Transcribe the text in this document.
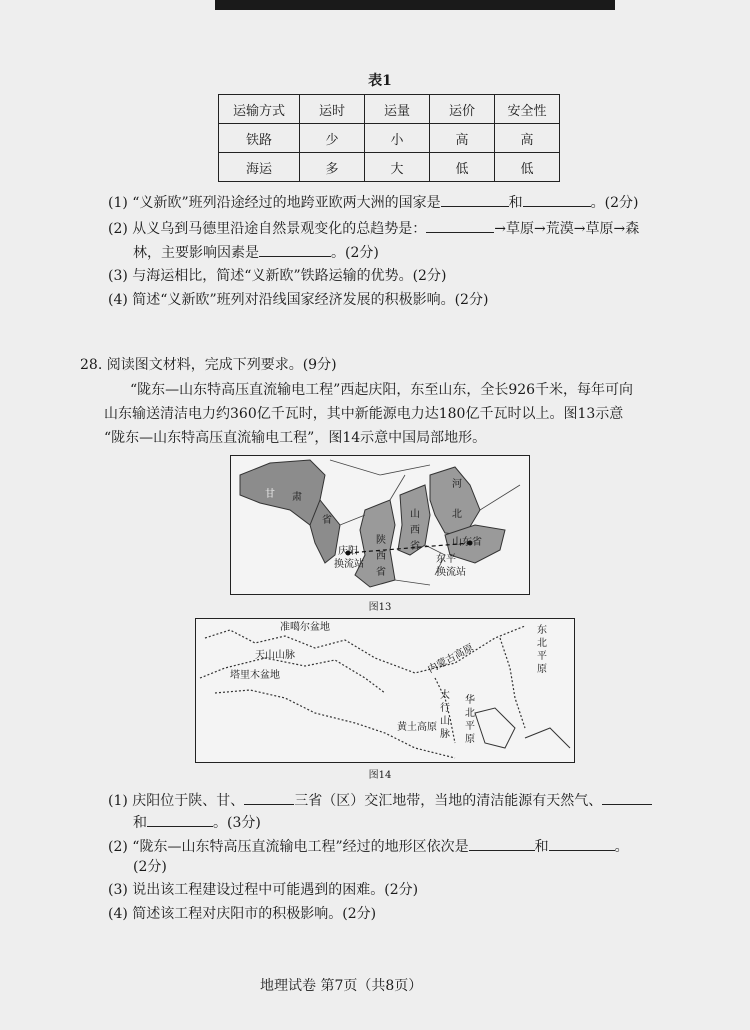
表1
运输方式	运时	运量	运价	安全性
铁路	少	小	高	高
海运	多	大	低	低
(1) “义新欧”班列沿途经过的地跨亚欧两大洲的国家是	和	。(2分)
(2) 从义乌到马德里沿途自然景观变化的总趋势是：	→草原→荒漠→草原→森
林，主要影响因素是	。(2分)
(3) 与海运相比，简述“义新欧”铁路运输的优势。(2分)
(4) 简述“义新欧”班列对沿线国家经济发展的积极影响。(2分)
28. 阅读图文材料，完成下列要求。(9分)
“陇东—山东特高压直流输电工程”西起庆阳，东至山东，全长926千米，每年可向
山东输送清洁电力约360亿千瓦时，其中新能源电力达180亿千瓦时以上。图13示意
“陇东—山东特高压直流输电工程”，图14示意中国局部地形。
甘 肃
省
陕
西
省
山
西
省
河
北
山东省
庆阳
换流站	东平
换流站
图13
准噶尔盆地
天山山脉
塔里木盆地	内蒙古高原
黄土高原
太
行
山
脉
华
北
平
原
东
北
平
原
图14
(1) 庆阳位于陕、甘、	三省（区）交汇地带，当地的清洁能源有天然气、
和	。(3分)
(2) “陇东—山东特高压直流输电工程”经过的地形区依次是	和	。
(2分)
(3) 说出该工程建设过程中可能遇到的困难。(2分)
(4) 简述该工程对庆阳市的积极影响。(2分)
地理试卷 第7页（共8页）
